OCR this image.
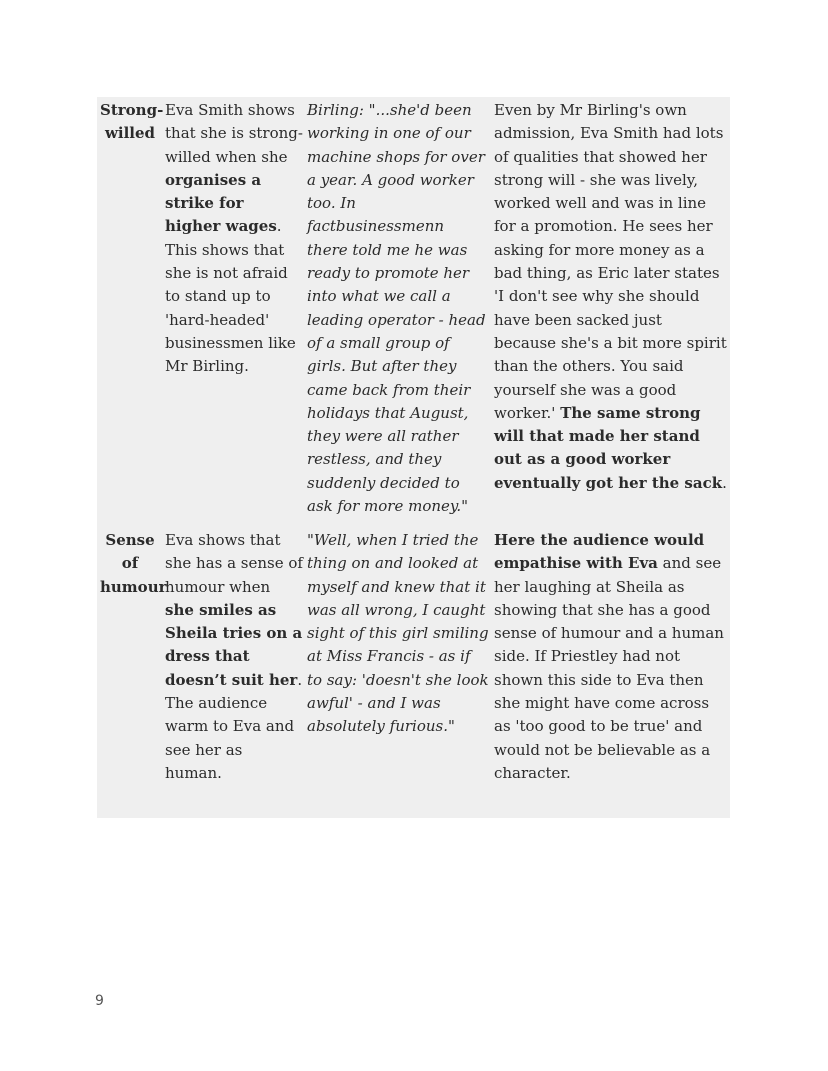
Strong-willed
Eva Smith shows that she is strong-willed when she organises a strike for higher wages. This shows that she is not afraid to stand up to 'hard-headed' businessmen like Mr Birling.
Birling: "...she'd been working in one of our machine shops for over a year. A good worker too. In factbusinessmenn there told me he was ready to promote her into what we call a leading operator - head of a small group of girls. But after they came back from their holidays that August, they were all rather restless, and they suddenly decided to ask for more money."
Even by Mr Birling's own admission, Eva Smith had lots of qualities that showed her strong will - she was lively, worked well and was in line for a promotion. He sees her asking for more money as a bad thing, as Eric later states 'I don't see why she should have been sacked just because she's a bit more spirit than the others. You said yourself she was a good worker.' The same strong will that made her stand out as a good worker eventually got her the sack.
Sense of humour
Eva shows that she has a sense of humour when she smiles as Sheila tries on a dress that doesn’t suit her. The audience warm to Eva and see her as human.
"Well, when I tried the thing on and looked at myself and knew that it was all wrong, I caught sight of this girl smiling at Miss Francis - as if to say: 'doesn't she look awful' - and I was absolutely furious."
Here the audience would empathise with Eva and see her laughing at Sheila as showing that she has a good sense of humour and a human side. If Priestley had not shown this side to Eva then she might have come across as 'too good to be true' and would not be believable as a character.
9
